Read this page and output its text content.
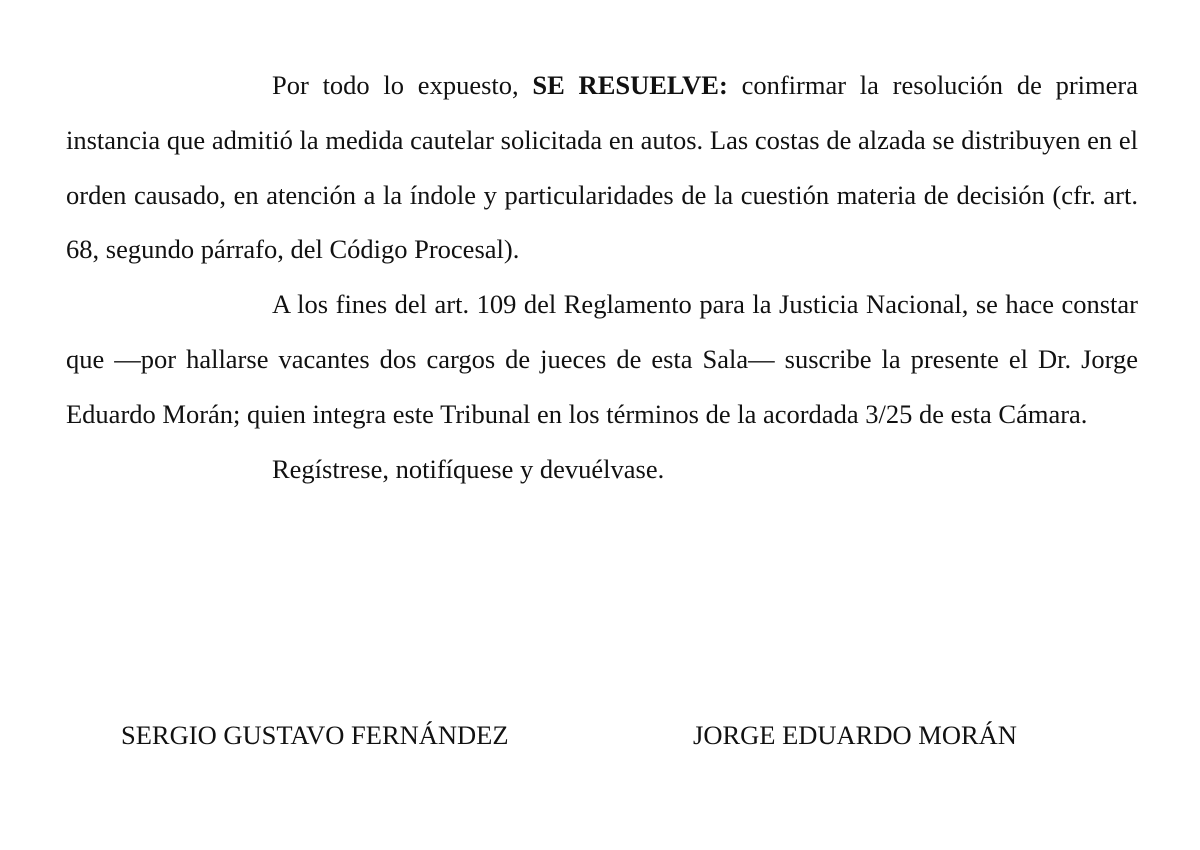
Por todo lo expuesto, SE RESUELVE: confirmar la resolución de primera instancia que admitió la medida cautelar solicitada en autos. Las costas de alzada se distribuyen en el orden causado, en atención a la índole y particularidades de la cuestión materia de decisión (cfr. art. 68, segundo párrafo, del Código Procesal).

A los fines del art. 109 del Reglamento para la Justicia Nacional, se hace constar que —por hallarse vacantes dos cargos de jueces de esta Sala— suscribe la presente el Dr. Jorge Eduardo Morán; quien integra este Tribunal en los términos de la acordada 3/25 de esta Cámara.

Regístrese, notifíquese y devuélvase.

SERGIO GUSTAVO FERNÁNDEZ	JORGE EDUARDO MORÁN
